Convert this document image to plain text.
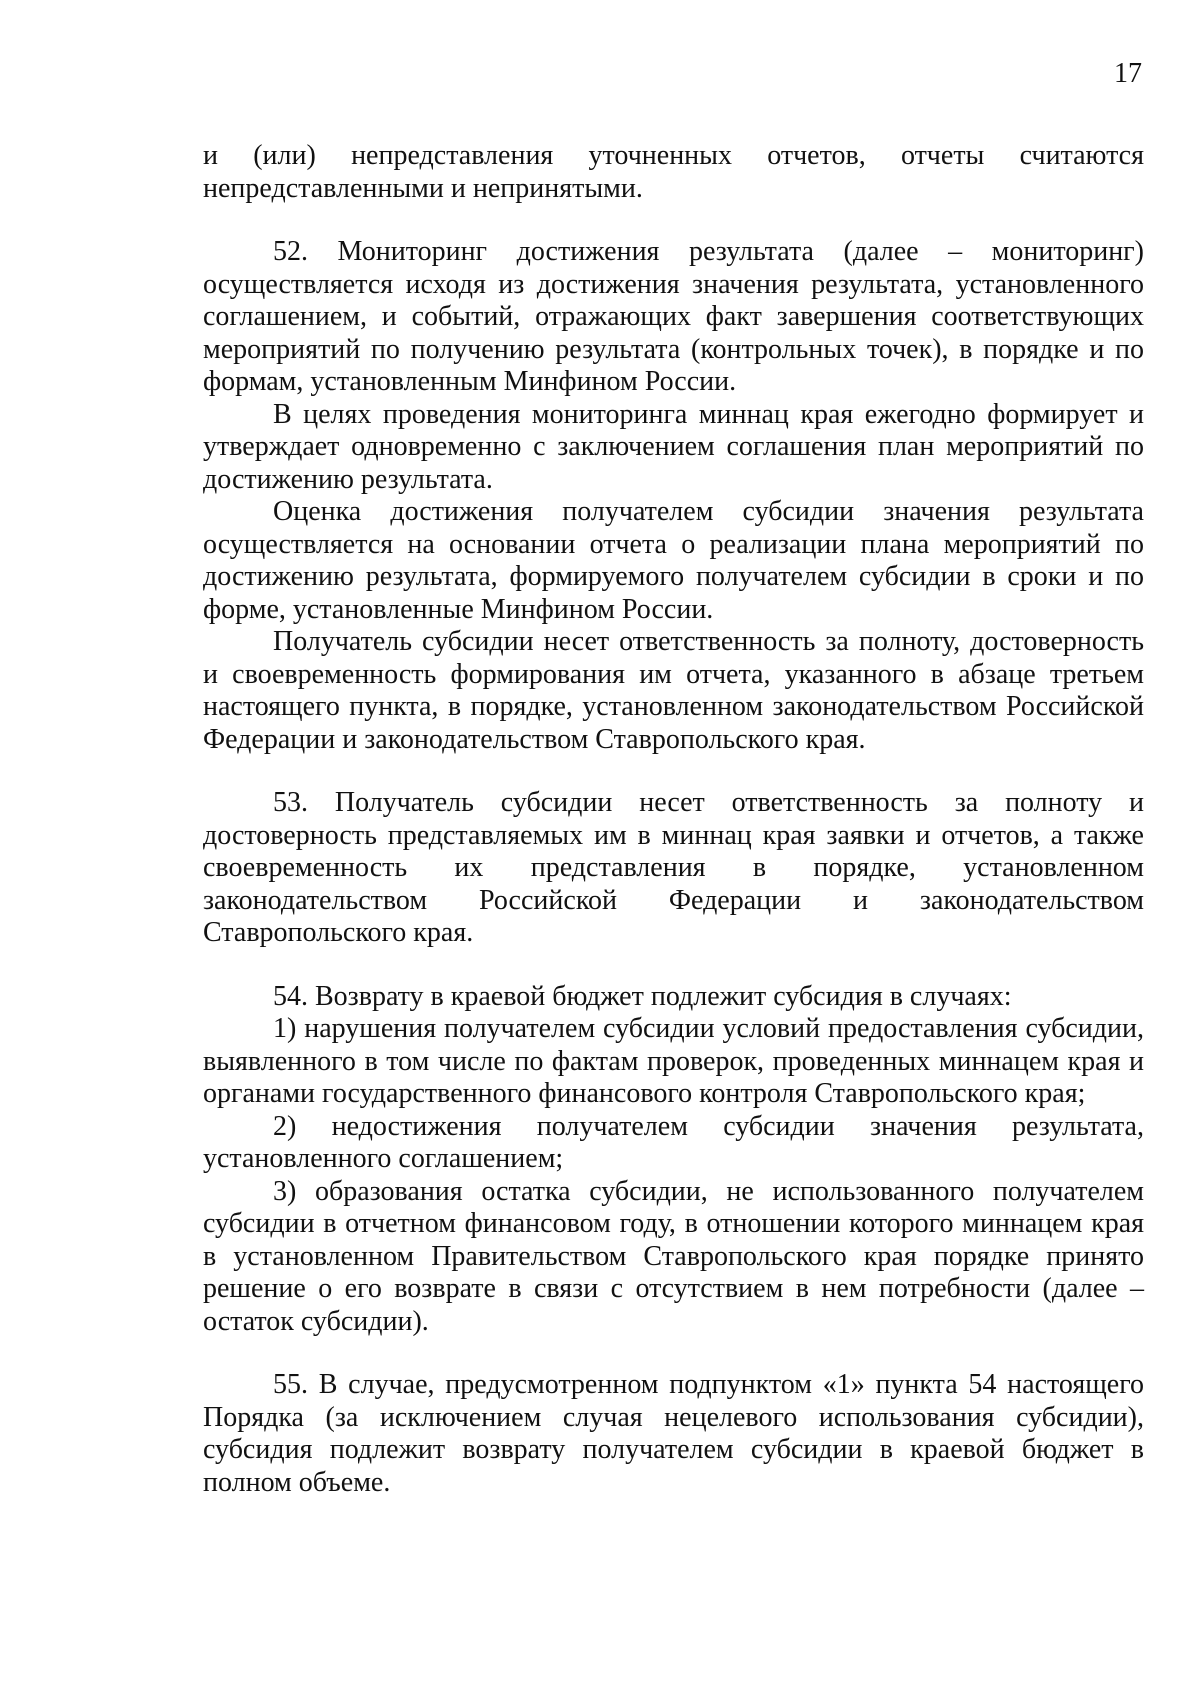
17

и (или) непредставления уточненных отчетов, отчеты считаются непредставленными и непринятыми.

52. Мониторинг достижения результата (далее – мониторинг) осуществляется исходя из достижения значения результата, установленного соглашением, и событий, отражающих факт завершения соответствующих мероприятий по получению результата (контрольных точек), в порядке и по формам, установленным Минфином России.

В целях проведения мониторинга миннац края ежегодно формирует и утверждает одновременно с заключением соглашения план мероприятий по достижению результата.

Оценка достижения получателем субсидии значения результата осуществляется на основании отчета о реализации плана мероприятий по достижению результата, формируемого получателем субсидии в сроки и по форме, установленные Минфином России.

Получатель субсидии несет ответственность за полноту, достоверность и своевременность формирования им отчета, указанного в абзаце третьем настоящего пункта, в порядке, установленном законодательством Российской Федерации и законодательством Ставропольского края.

53. Получатель субсидии несет ответственность за полноту и достоверность представляемых им в миннац края заявки и отчетов, а также своевременность их представления в порядке, установленном законодательством Российской Федерации и законодательством Ставропольского края.

54. Возврату в краевой бюджет подлежит субсидия в случаях:

1) нарушения получателем субсидии условий предоставления субсидии, выявленного в том числе по фактам проверок, проведенных миннацем края и органами государственного финансового контроля Ставропольского края;

2) недостижения получателем субсидии значения результата, установленного соглашением;

3) образования остатка субсидии, не использованного получателем субсидии в отчетном финансовом году, в отношении которого миннацем края в установленном Правительством Ставропольского края порядке принято решение о его возврате в связи с отсутствием в нем потребности (далее – остаток субсидии).

55. В случае, предусмотренном подпунктом «1» пункта 54 настоящего Порядка (за исключением случая нецелевого использования субсидии), субсидия подлежит возврату получателем субсидии в краевой бюджет в полном объеме.
